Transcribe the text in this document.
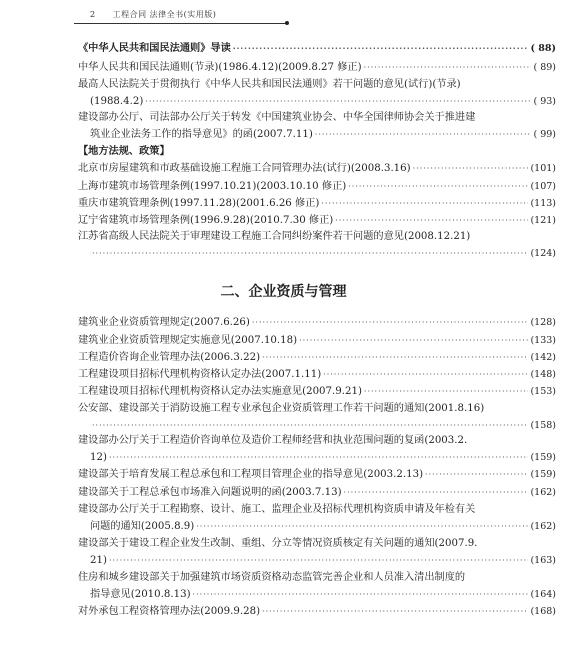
2 工程合同 法律全书(实用版)
二、企业资质与管理
《中华人民共和国民法通则》导读 ·····	( 88)
中华人民共和国民法通则(节录)(1986.4.12)(2009.8.27 修正) ·····	( 89)
最高人民法院关于贯彻执行《中华人民共和国民法通则》若干问题的意见(试行)(节录)
(1988.4.2) ·····	( 93)
建设部办公厅、司法部办公厅关于转发《中国建筑业协会、中华全国律师协会关于推进建
筑业企业法务工作的指导意见》的函(2007.7.11) ·····	( 99)
【地方法规、政策】
北京市房屋建筑和市政基础设施工程施工合同管理办法(试行)(2008.3.16) ·····	(101)
上海市建筑市场管理条例(1997.10.21)(2003.10.10 修正) ·····	(107)
重庆市建筑管理条例(1997.11.28)(2001.6.26 修正) ·····	(113)
辽宁省建筑市场管理条例(1996.9.28)(2010.7.30 修正) ·····	(121)
江苏省高级人民法院关于审理建设工程施工合同纠纷案件若干问题的意见(2008.12.21)
·····
(124)
建筑业企业资质管理规定(2007.6.26) ·····	(128)
建筑业企业资质管理规定实施意见(2007.10.18) ·····	(133)
工程造价咨询企业管理办法(2006.3.22) ·····	(142)
工程建设项目招标代理机构资格认定办法(2007.1.11) ·····	(148)
工程建设项目招标代理机构资格认定办法实施意见(2007.9.21) ·····	(153)
公安部、建设部关于消防设施工程专业承包企业资质管理工作若干问题的通知(2001.8.16)
·····
(158)
建设部办公厅关于工程造价咨询单位及造价工程师经营和执业范围问题的复函(2003.2.
12) ·····	(159)
建设部关于培育发展工程总承包和工程项目管理企业的指导意见(2003.2.13) ·····	(159)
建设部关于工程总承包市场准入问题说明的函(2003.7.13) ·····	(162)
建设部办公厅关于工程勘察、设计、施工、监理企业及招标代理机构资质申请及年检有关
问题的通知(2005.8.9) ·····	(162)
建设部关于建设工程企业发生改制、重组、分立等情况资质核定有关问题的通知(2007.9.
21) ·····	(163)
住房和城乡建设部关于加强建筑市场资质资格动态监管完善企业和人员准入清出制度的
指导意见(2010.8.13) ·····	(164)
对外承包工程资格管理办法(2009.9.28) ·····	(168)
